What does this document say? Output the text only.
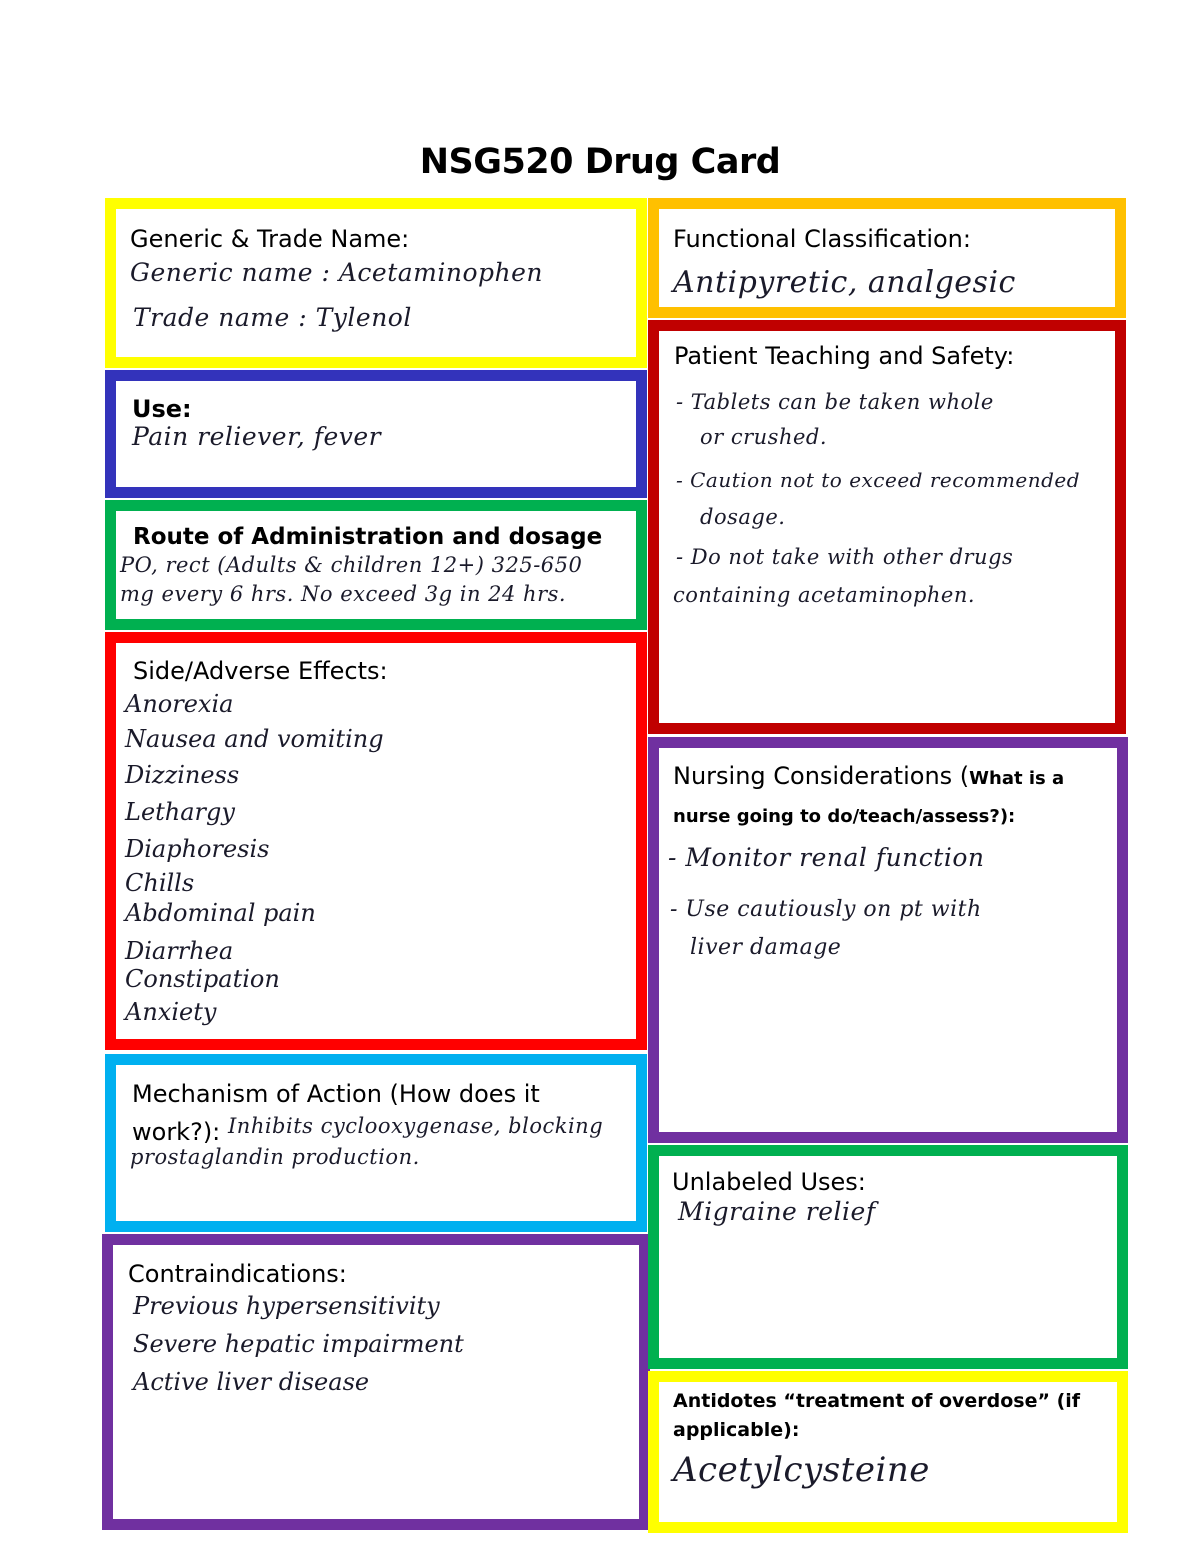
NSG520 Drug Card
Generic & Trade Name:
Generic name : Acetaminophen
Trade name : Tylenol
Use:
Pain reliever, fever
Route of Administration and dosage
PO, rect (Adults & children 12+) 325-650
mg every 6 hrs. No exceed 3g in 24 hrs.
Side/Adverse Effects:
Anorexia
Nausea and vomiting
Dizziness
Lethargy
Diaphoresis
Chills
Abdominal pain
Diarrhea
Constipation
Anxiety
Mechanism of Action (How does it
work?): Inhibits cyclooxygenase, blocking
prostaglandin production.
Contraindications:
Previous hypersensitivity
Severe hepatic impairment
Active liver disease
Functional Classification:
Antipyretic, analgesic
Patient Teaching and Safety:
- Tablets can be taken whole
or crushed.
- Caution not to exceed recommended
dosage.
- Do not take with other drugs
containing acetaminophen.
Nursing Considerations (What is a
nurse going to do/teach/assess?):
- Monitor renal function
- Use cautiously on pt with
liver damage
Unlabeled Uses:
Migraine relief
Antidotes “treatment of overdose” (if
applicable):
Acetylcysteine
